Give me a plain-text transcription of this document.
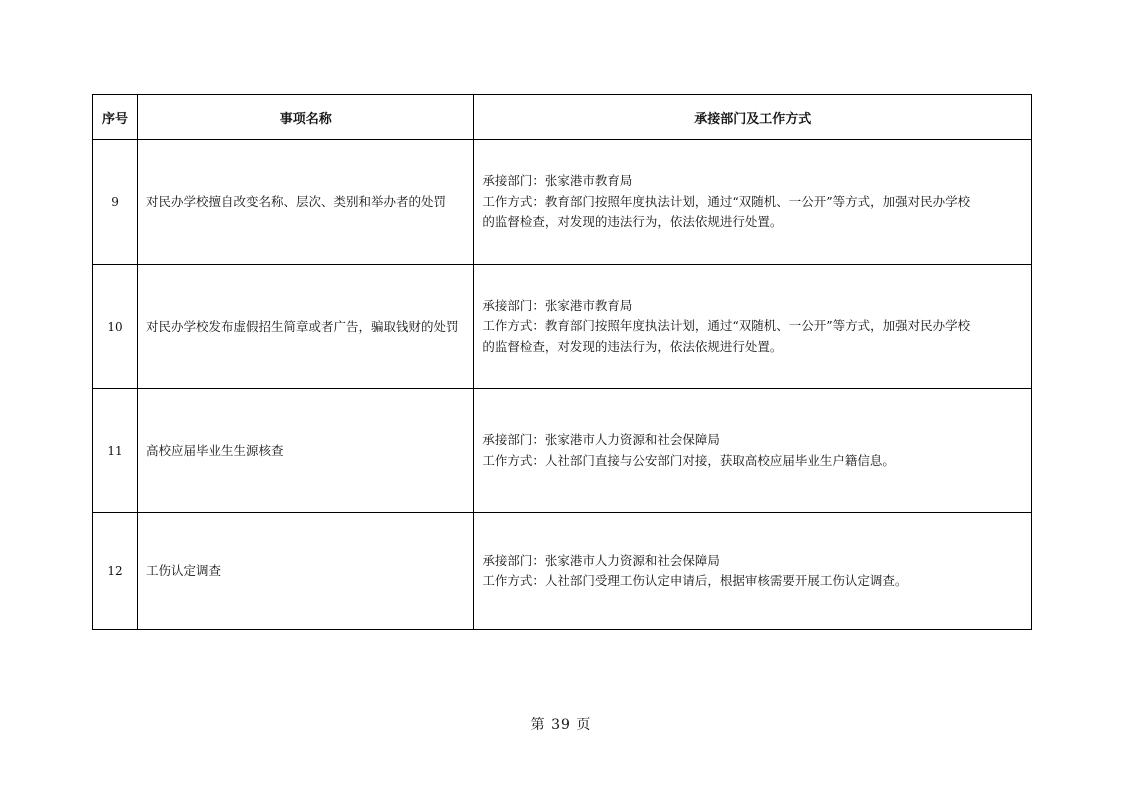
序号	事项名称	承接部门及工作方式
9	对民办学校擅自改变名称、层次、类别和举办者的处罚	承接部门：张家港市教育局
工作方式：教育部门按照年度执法计划，通过“双随机、一公开”等方式，加强对民办学校
的监督检查，对发现的违法行为，依法依规进行处置。

10	对民办学校发布虚假招生简章或者广告，骗取钱财的处罚	承接部门：张家港市教育局
工作方式：教育部门按照年度执法计划，通过“双随机、一公开”等方式，加强对民办学校
的监督检查，对发现的违法行为，依法依规进行处置。

11	高校应届毕业生生源核查	承接部门：张家港市人力资源和社会保障局
工作方式：人社部门直接与公安部门对接，获取高校应届毕业生户籍信息。

12	工伤认定调查	承接部门：张家港市人力资源和社会保障局
工作方式：人社部门受理工伤认定申请后，根据审核需要开展工伤认定调查。
第 39 页
